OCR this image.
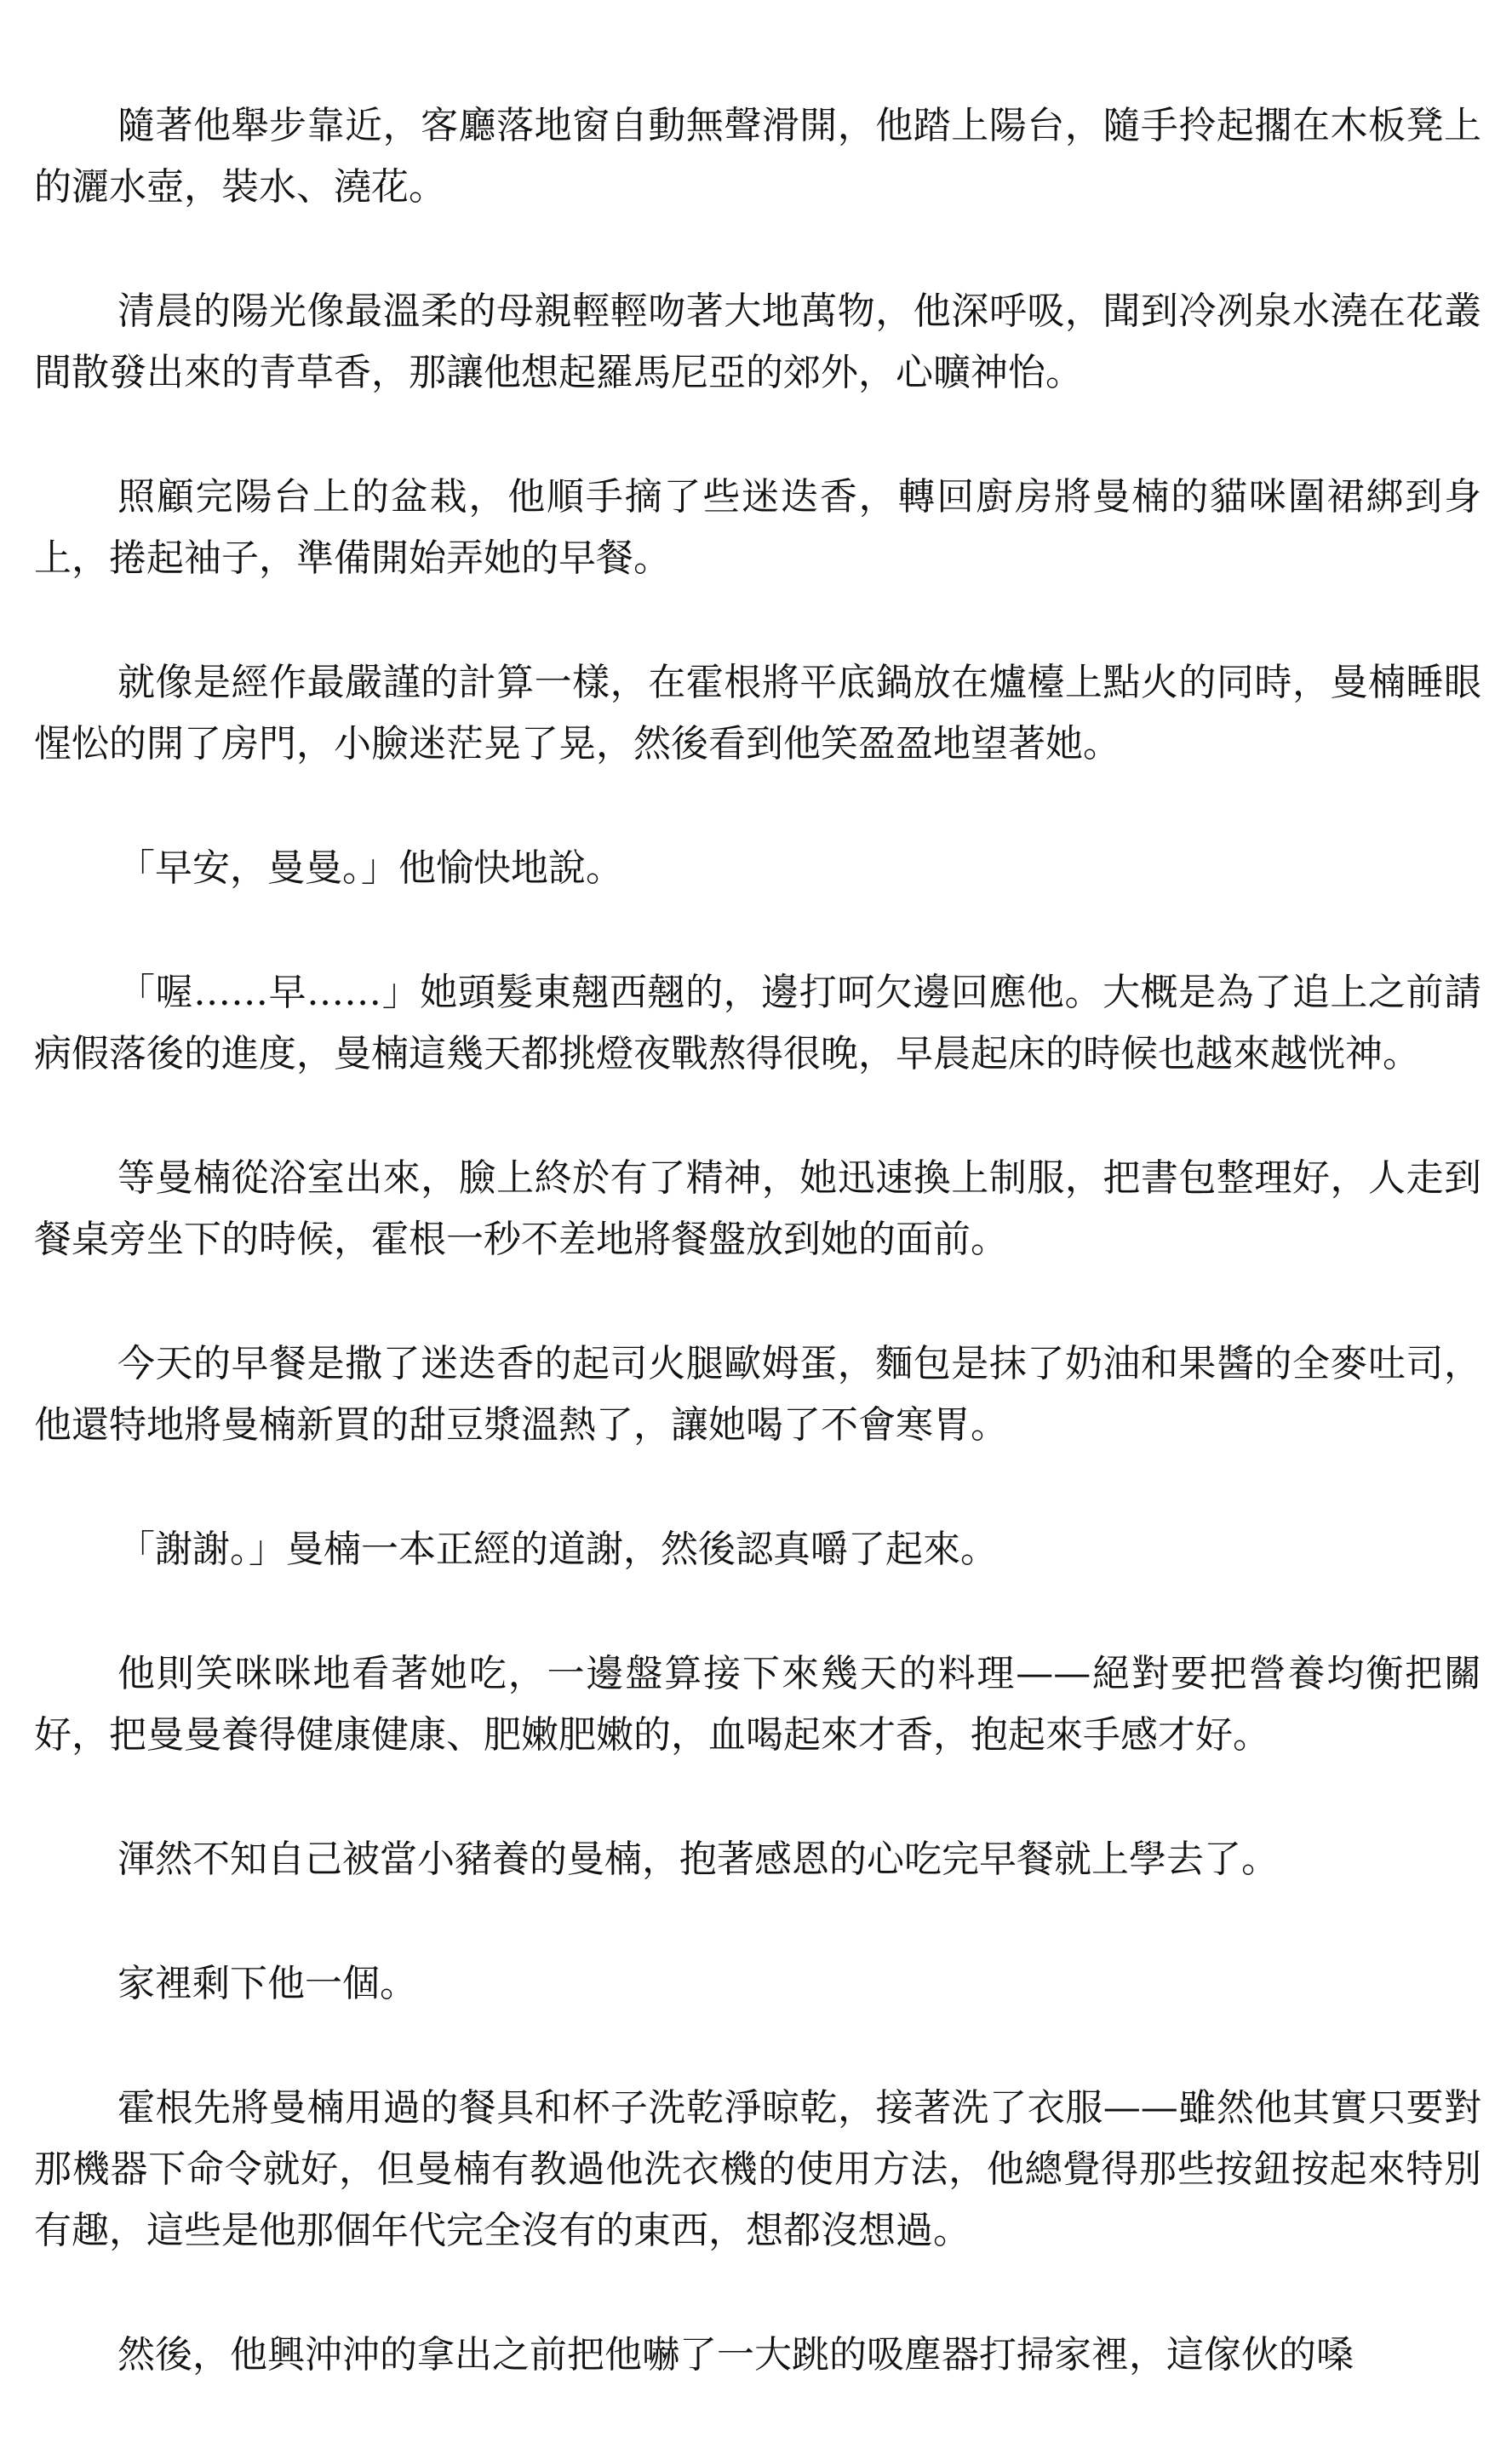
隨著他舉步靠近，客廳落地窗自動無聲滑開，他踏上陽台，隨手拎起擱在木板凳上的灑水壺，裝水、澆花。

清晨的陽光像最溫柔的母親輕輕吻著大地萬物，他深呼吸，聞到冷冽泉水澆在花叢間散發出來的青草香，那讓他想起羅馬尼亞的郊外，心曠神怡。

照顧完陽台上的盆栽，他順手摘了些迷迭香，轉回廚房將曼楠的貓咪圍裙綁到身上，捲起袖子，準備開始弄她的早餐。

就像是經作最嚴謹的計算一樣，在霍根將平底鍋放在爐檯上點火的同時，曼楠睡眼惺忪的開了房門，小臉迷茫晃了晃，然後看到他笑盈盈地望著她。

「早安，曼曼。」他愉快地說。

「喔……早……」她頭髮東翹西翹的，邊打呵欠邊回應他。大概是為了追上之前請病假落後的進度，曼楠這幾天都挑燈夜戰熬得很晚，早晨起床的時候也越來越恍神。

等曼楠從浴室出來，臉上終於有了精神，她迅速換上制服，把書包整理好，人走到餐桌旁坐下的時候，霍根一秒不差地將餐盤放到她的面前。

今天的早餐是撒了迷迭香的起司火腿歐姆蛋，麵包是抹了奶油和果醬的全麥吐司，他還特地將曼楠新買的甜豆漿溫熱了，讓她喝了不會寒胃。

「謝謝。」曼楠一本正經的道謝，然後認真嚼了起來。

他則笑咪咪地看著她吃，一邊盤算接下來幾天的料理——絕對要把營養均衡把關好，把曼曼養得健康健康、肥嫩肥嫩的，血喝起來才香，抱起來手感才好。

渾然不知自己被當小豬養的曼楠，抱著感恩的心吃完早餐就上學去了。

家裡剩下他一個。

霍根先將曼楠用過的餐具和杯子洗乾淨晾乾，接著洗了衣服——雖然他其實只要對那機器下命令就好，但曼楠有教過他洗衣機的使用方法，他總覺得那些按鈕按起來特別有趣，這些是他那個年代完全沒有的東西，想都沒想過。

然後，他興沖沖的拿出之前把他嚇了一大跳的吸塵器打掃家裡，這傢伙的嗓
